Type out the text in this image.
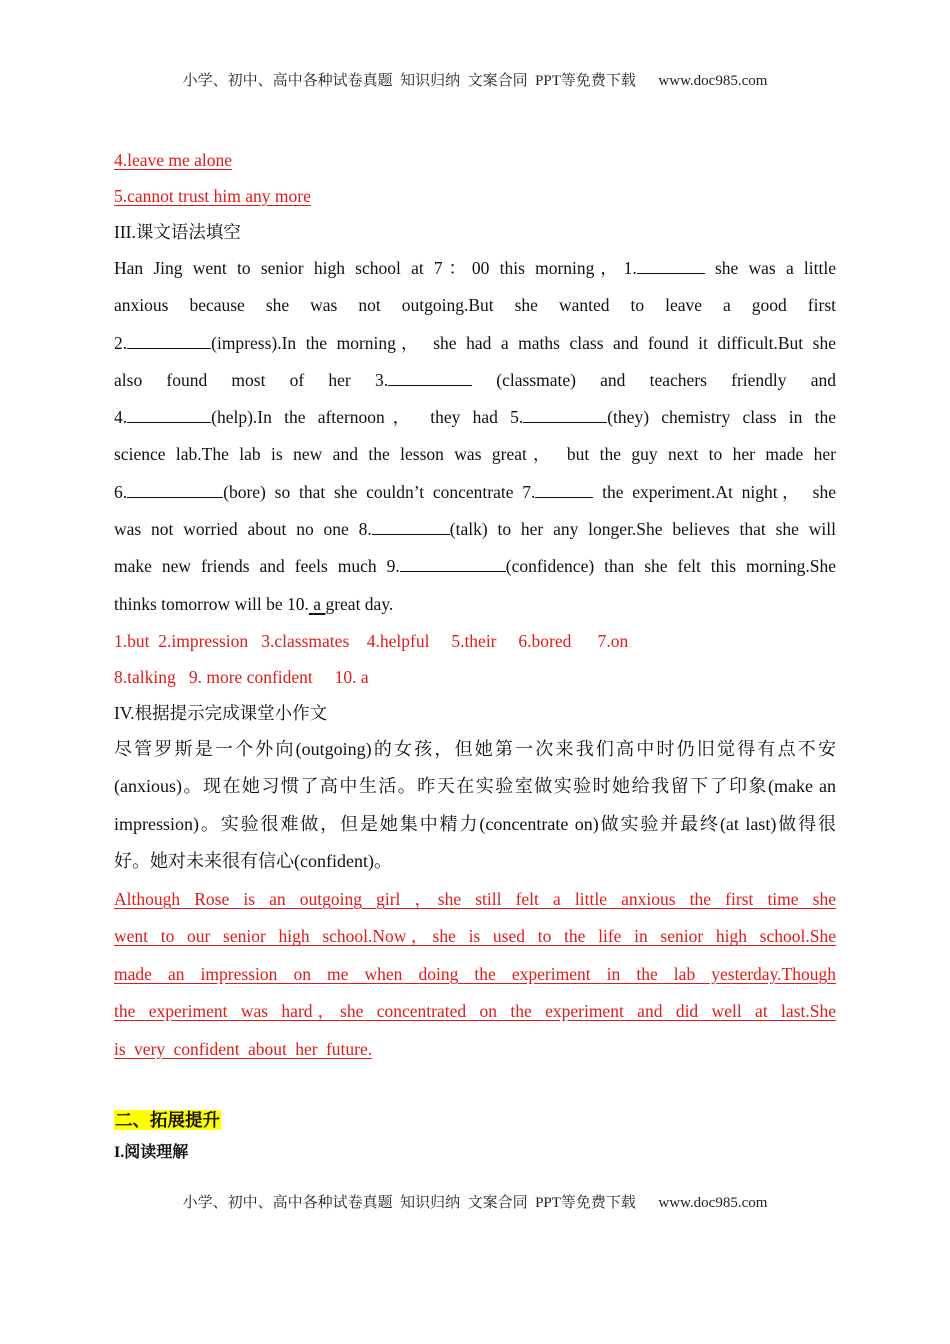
小学、初中、高中各种试卷真题  知识归纳  文案合同  PPT等免费下载      www.doc985.com
4.leave me alone
5.cannot trust him any more
III.课文语法填空
Han Jing went to senior high school at 7：00 this morning，1.	she was a little
anxious because she was not outgoing.But she wanted to leave a good first
2.	(impress).In the morning， she had a maths class and found it difficult.But she
also found most of her 3.	(classmate) and teachers friendly and
4.	(help).In the afternoon， they had 5.	(they) chemistry class in the
science lab.The lab is new and the lesson was great， but the guy next to her made her
6.	(bore) so that she couldn’t concentrate 7.	the experiment.At night， she
was not worried about no one 8.	(talk) to her any longer.She believes that she will
make new friends and feels much 9.	(confidence) than she felt this morning.She
thinks tomorrow will be 10. a great day.
1.but  2.impression   3.classmates    4.helpful     5.their     6.bored      7.on
8.talking   9. more confident     10. a
IV.根据提示完成课堂小作文
尽管罗斯是一个外向(outgoing)的女孩，但她第一次来我们高中时仍旧觉得有点不安
(anxious)。现在她习惯了高中生活。昨天在实验室做实验时她给我留下了印象(make an
impression)。实验很难做，但是她集中精力(concentrate on)做实验并最终(at last)做得很
好。她对未来很有信心(confident)。
Although Rose is an outgoing girl ，she still felt a little anxious the first time she
went to our senior high school.Now，she is used to the life in senior high school.She
made an impression on me when doing the experiment in the lab yesterday.Though
the experiment was hard，she concentrated on the experiment and did well at last.She
is very confident about her future.
二、拓展提升
I.阅读理解
小学、初中、高中各种试卷真题  知识归纳  文案合同  PPT等免费下载      www.doc985.com
